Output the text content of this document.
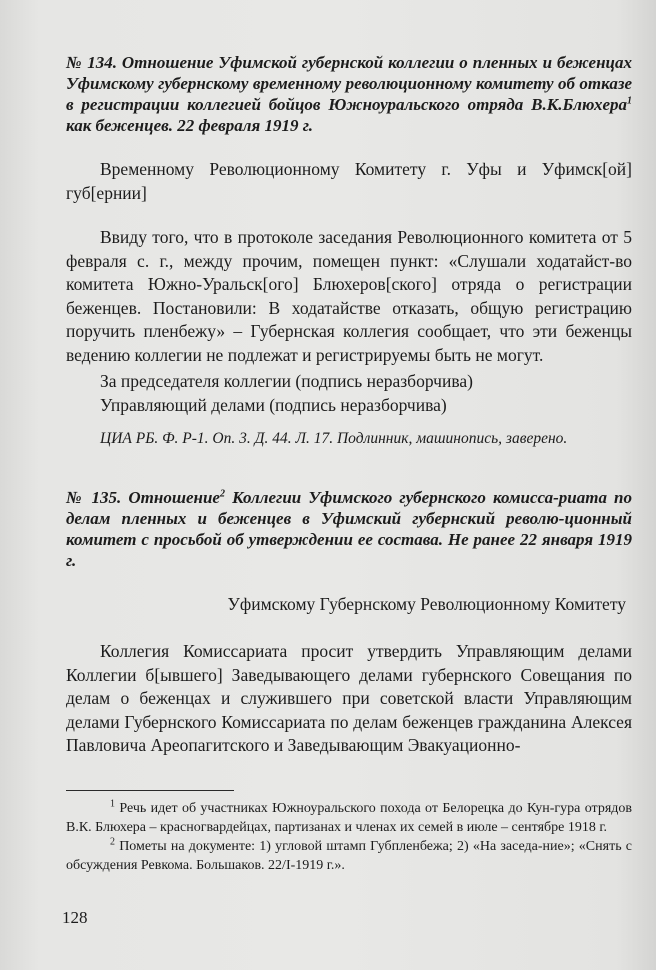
№ 134. Отношение Уфимской губернской коллегии о пленных и беженцах Уфимскому губернскому временному революционному комитету об отказе в регистрации коллегией бойцов Южноуральского отряда В.К.Блюхера$^1$ как беженцев. 22 февраля 1919 г.

Временному Революционному Комитету г. Уфы и Уфимск[ой] губ[ернии]

Ввиду того, что в протоколе заседания Революционного комитета от 5 февраля с. г., между прочим, помещен пункт: «Слушали ходатайст-во комитета Южно-Уральск[ого] Блюхеров[ского] отряда о регистрации беженцев. Постановили: В ходатайстве отказать, общую регистрацию поручить пленбежу» – Губернская коллегия сообщает, что эти беженцы ведению коллегии не подлежат и регистрируемы быть не могут.

За председателя коллегии (подпись неразборчива)

Управляющий делами (подпись неразборчива)

ЦИА РБ. Ф. Р-1. Оп. 3. Д. 44. Л. 17. Подлинник, машинопись, заверено.

№ 135. Отношение$^2$ Коллегии Уфимского губернского комисса-риата по делам пленных и беженцев в Уфимский губернский револю-ционный комитет с просьбой об утверждении ее состава. Не ранее 22 января 1919 г.

Уфимскому Губернскому Революционному Комитету

Коллегия Комиссариата просит утвердить Управляющим делами Коллегии б[ывшего] Заведывающего делами губернского Совещания по делам о беженцах и служившего при советской власти Управляющим делами Губернского Комиссариата по делам беженцев гражданина Алексея Павловича Ареопагитского и Заведывающим Эвакуационно-

$^1$ Речь идет об участниках Южноуральского похода от Белорецка до Кун-гура отрядов В.К. Блюхера – красногвардейцах, партизанах и членах их семей в июле – сентябре 1918 г.

$^2$ Пометы на документе: 1) угловой штамп Губпленбежа; 2) «На заседа-ние»; «Снять с обсуждения Ревкома. Большаков. 22/I-1919 г.».

128
